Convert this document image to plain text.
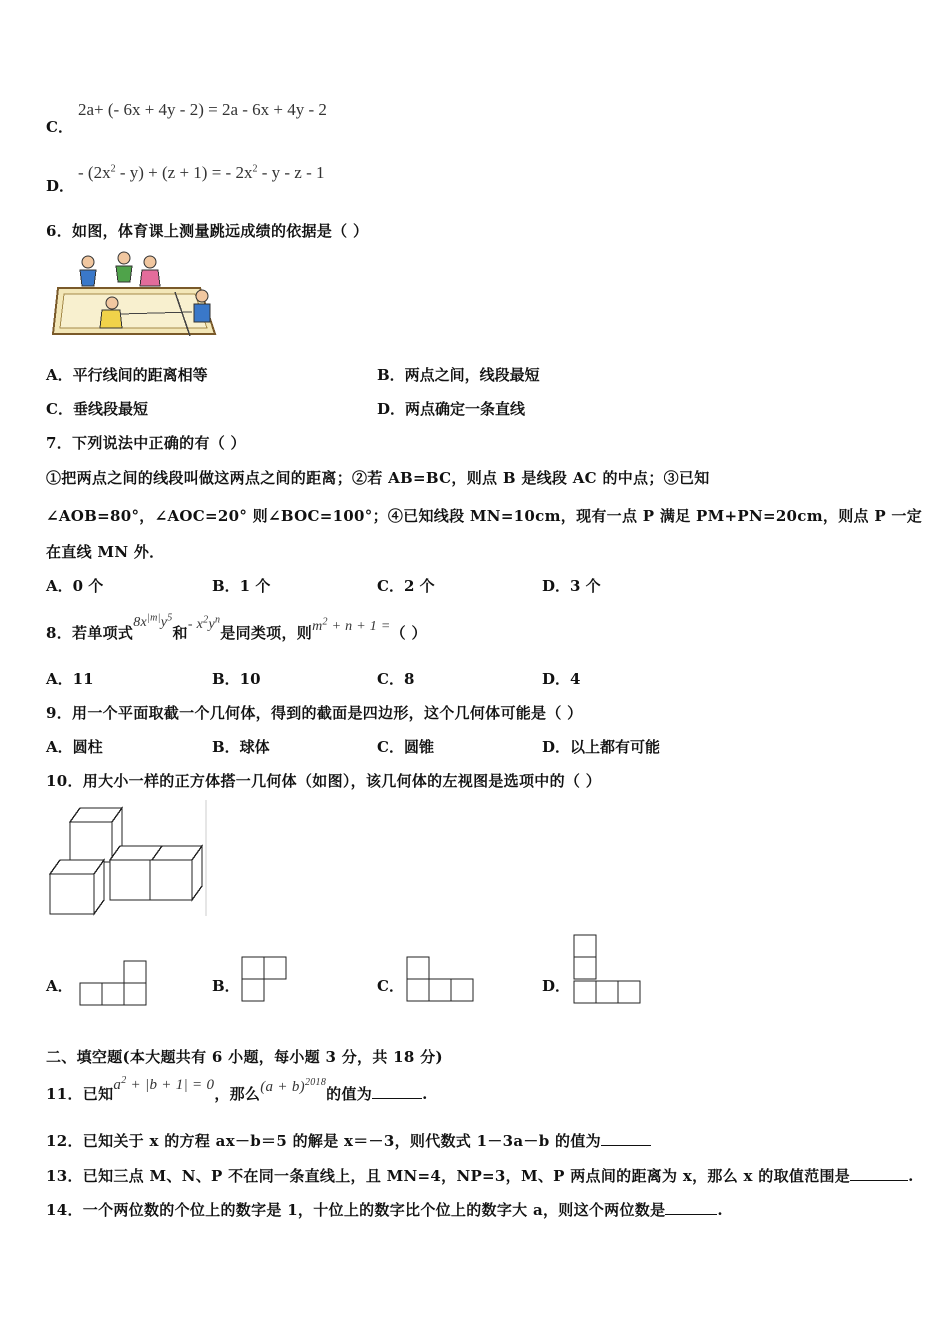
C．
2a+ (- 6x + 4y - 2) = 2a - 6x + 4y - 2
D．
- $(2x^2 - y) + (z + 1)$ = - $2x^2$ - y - z - 1
6．如图，体育课上测量跳远成绩的依据是（ ）
A．平行线间的距离相等	B．两点之间，线段最短
C．垂线段最短	D．两点确定一条直线
7．下列说法中正确的有（ ）
①把两点之间的线段叫做这两点之间的距离；②若 AB=BC，则点 B 是线段 AC 的中点；③已知
∠AOB=80°，∠AOC=20° 则∠BOC=100°；④已知线段 MN=10cm，现有一点 P 满足 PM+PN=20cm，则点 P 一定
在直线 MN 外．
A．0 个	B．1 个	C．2 个	D．3 个
8．若单项式$8x^{|m|}y^5$和- $x^2y^n$是同类项，则$m^2 + n + 1$ =（ ）
A．11	B．10	C．8	D．4
9．用一个平面取截一个几何体，得到的截面是四边形，这个几何体可能是（ ）
A．圆柱	B．球体	C．圆锥	D．以上都有可能
10．用大小一样的正方体搭一几何体（如图），该几何体的左视图是选项中的（ ）
A．	B．	C．	D．
二、填空题(本大题共有 6 小题，每小题 3 分，共 18 分)
11．已知$a^2 + |b + 1| = 0$，那么$(a + b)^{2018}$的值为	.
12．已知关于 x 的方程 ax－b＝5 的解是 x＝－3，则代数式 1－3a－b 的值为
13．已知三点 M、N、P 不在同一条直线上，且 MN=4，NP=3，M、P 两点间的距离为 x，那么 x 的取值范围是	.
14．一个两位数的个位上的数字是 1，十位上的数字比个位上的数字大 a，则这个两位数是	.
